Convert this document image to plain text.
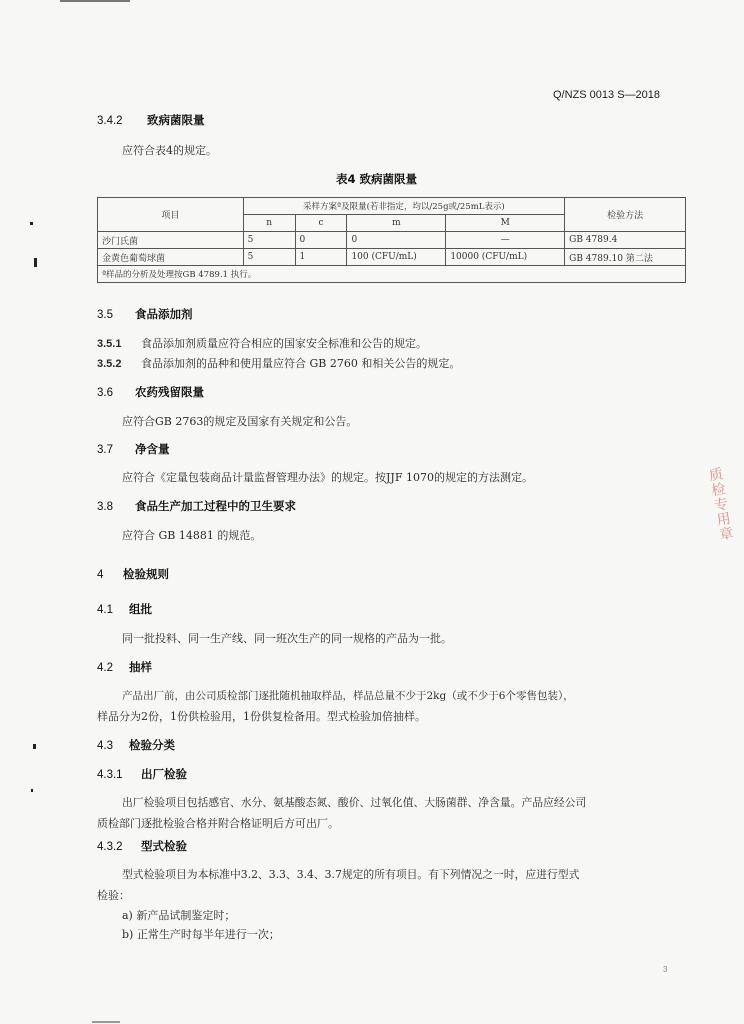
Q/NZS 0013 S—2018
3.4.2 致病菌限量
应符合表4的规定。
表4 致病菌限量
项目	采样方案ª及限量(若非指定，均以/25g或/25mL表示)				检验方法
	n	c	m	M	
沙门氏菌	5	0	0	—	GB 4789.4
金黄色葡萄球菌	5	1	100 (CFU/mL)	10000 (CFU/mL)	GB 4789.10 第二法
ª样品的分析及处理按GB 4789.1 执行。					
3.5 食品添加剂
3.5.1 食品添加剂质量应符合相应的国家安全标准和公告的规定。
3.5.2 食品添加剂的品种和使用量应符合 GB 2760 和相关公告的规定。
3.6 农药残留限量
应符合GB 2763的规定及国家有关规定和公告。
3.7 净含量
应符合《定量包装商品计量监督管理办法》的规定。按JJF 1070的规定的方法测定。
3.8 食品生产加工过程中的卫生要求
应符合 GB 14881 的规范。
4 检验规则
4.1 组批
同一批投料、同一生产线、同一班次生产的同一规格的产品为一批。
4.2 抽样
产品出厂前，由公司质检部门逐批随机抽取样品，样品总量不少于2kg（或不少于6个零售包装），
样品分为2份，1份供检验用，1份供复检备用。型式检验加倍抽样。
4.3 检验分类
4.3.1 出厂检验
出厂检验项目包括感官、水分、氨基酸态氮、酸价、过氧化值、大肠菌群、净含量。产品应经公司
质检部门逐批检验合格并附合格证明后方可出厂。
4.3.2 型式检验
型式检验项目为本标准中3.2、3.3、3.4、3.7规定的所有项目。有下列情况之一时，应进行型式
检验：
a) 新产品试制鉴定时；
b) 正常生产时每半年进行一次；
3
质检专用章
